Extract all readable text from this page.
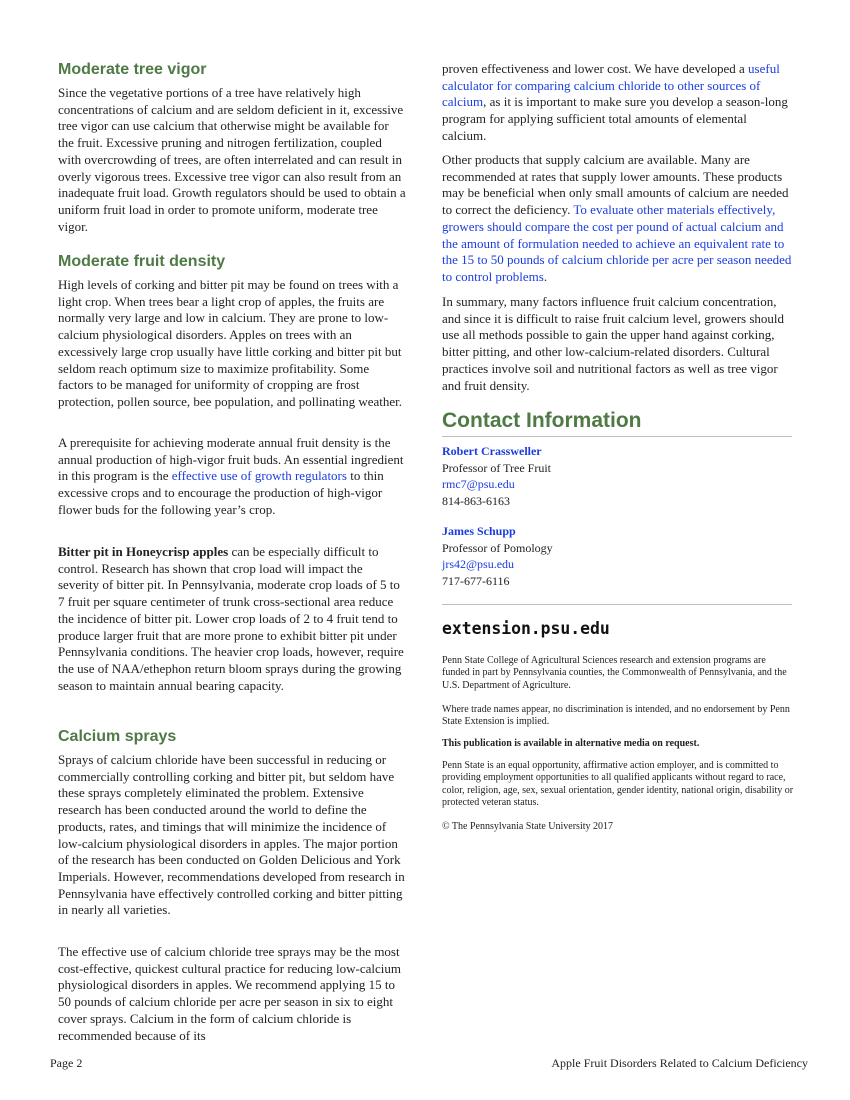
Moderate tree vigor

Since the vegetative portions of a tree have relatively high concentrations of calcium and are seldom deficient in it, excessive tree vigor can use calcium that otherwise might be available for the fruit. Excessive pruning and nitrogen fertilization, coupled with overcrowding of trees, are often interrelated and can result in overly vigorous trees. Excessive tree vigor can also result from an inadequate fruit load. Growth regulators should be used to obtain a uniform fruit load in order to promote uniform, moderate tree vigor.

Moderate fruit density

High levels of corking and bitter pit may be found on trees with a light crop. When trees bear a light crop of apples, the fruits are normally very large and low in calcium. They are prone to low-calcium physiological disorders. Apples on trees with an excessively large crop usually have little corking and bitter pit but seldom reach optimum size to maximize profitability. Some factors to be managed for uniformity of cropping are frost protection, pollen source, bee population, and pollinating weather.

A prerequisite for achieving moderate annual fruit density is the annual production of high-vigor fruit buds. An essential ingredient in this program is the effective use of growth regulators to thin excessive crops and to encourage the production of high-vigor flower buds for the following year’s crop.

Bitter pit in Honeycrisp apples can be especially difficult to control. Research has shown that crop load will impact the severity of bitter pit. In Pennsylvania, moderate crop loads of 5 to 7 fruit per square centimeter of trunk cross-sectional area reduce the incidence of bitter pit. Lower crop loads of 2 to 4 fruit tend to produce larger fruit that are more prone to exhibit bitter pit under Pennsylvania conditions. The heavier crop loads, however, require the use of NAA/ethephon return bloom sprays during the growing season to maintain annual bearing capacity.

Calcium sprays

Sprays of calcium chloride have been successful in reducing or commercially controlling corking and bitter pit, but seldom have these sprays completely eliminated the problem. Extensive research has been conducted around the world to define the products, rates, and timings that will minimize the incidence of low-calcium physiological disorders in apples. The major portion of the research has been conducted on Golden Delicious and York Imperials. However, recommendations developed from research in Pennsylvania have effectively controlled corking and bitter pitting in nearly all varieties.

The effective use of calcium chloride tree sprays may be the most cost-effective, quickest cultural practice for reducing low-calcium physiological disorders in apples. We recommend applying 15 to 50 pounds of calcium chloride per acre per season in six to eight cover sprays. Calcium in the form of calcium chloride is recommended because of its

proven effectiveness and lower cost. We have developed a useful calculator for comparing calcium chloride to other sources of calcium, as it is important to make sure you develop a season-long program for applying sufficient total amounts of elemental calcium.

Other products that supply calcium are available. Many are recommended at rates that supply lower amounts. These products may be beneficial when only small amounts of calcium are needed to correct the deficiency. To evaluate other materials effectively, growers should compare the cost per pound of actual calcium and the amount of formulation needed to achieve an equivalent rate to the 15 to 50 pounds of calcium chloride per acre per season needed to control problems.

In summary, many factors influence fruit calcium concentration, and since it is difficult to raise fruit calcium level, growers should use all methods possible to gain the upper hand against corking, bitter pitting, and other low-calcium-related disorders. Cultural practices involve soil and nutritional factors as well as tree vigor and fruit density.

Contact Information
Robert Crassweller
Professor of Tree Fruit
rmc7@psu.edu
814-863-6163
James Schupp
Professor of Pomology
jrs42@psu.edu
717-677-6116
extension.psu.edu

Penn State College of Agricultural Sciences research and extension programs are funded in part by Pennsylvania counties, the Commonwealth of Pennsylvania, and the U.S. Department of Agriculture.

Where trade names appear, no discrimination is intended, and no endorsement by Penn State Extension is implied.

This publication is available in alternative media on request.

Penn State is an equal opportunity, affirmative action employer, and is committed to providing employment opportunities to all qualified applicants without regard to race, color, religion, age, sex, sexual orientation, gender identity, national origin, disability or protected veteran status.

© The Pennsylvania State University 2017

Page 2	Apple Fruit Disorders Related to Calcium Deficiency
